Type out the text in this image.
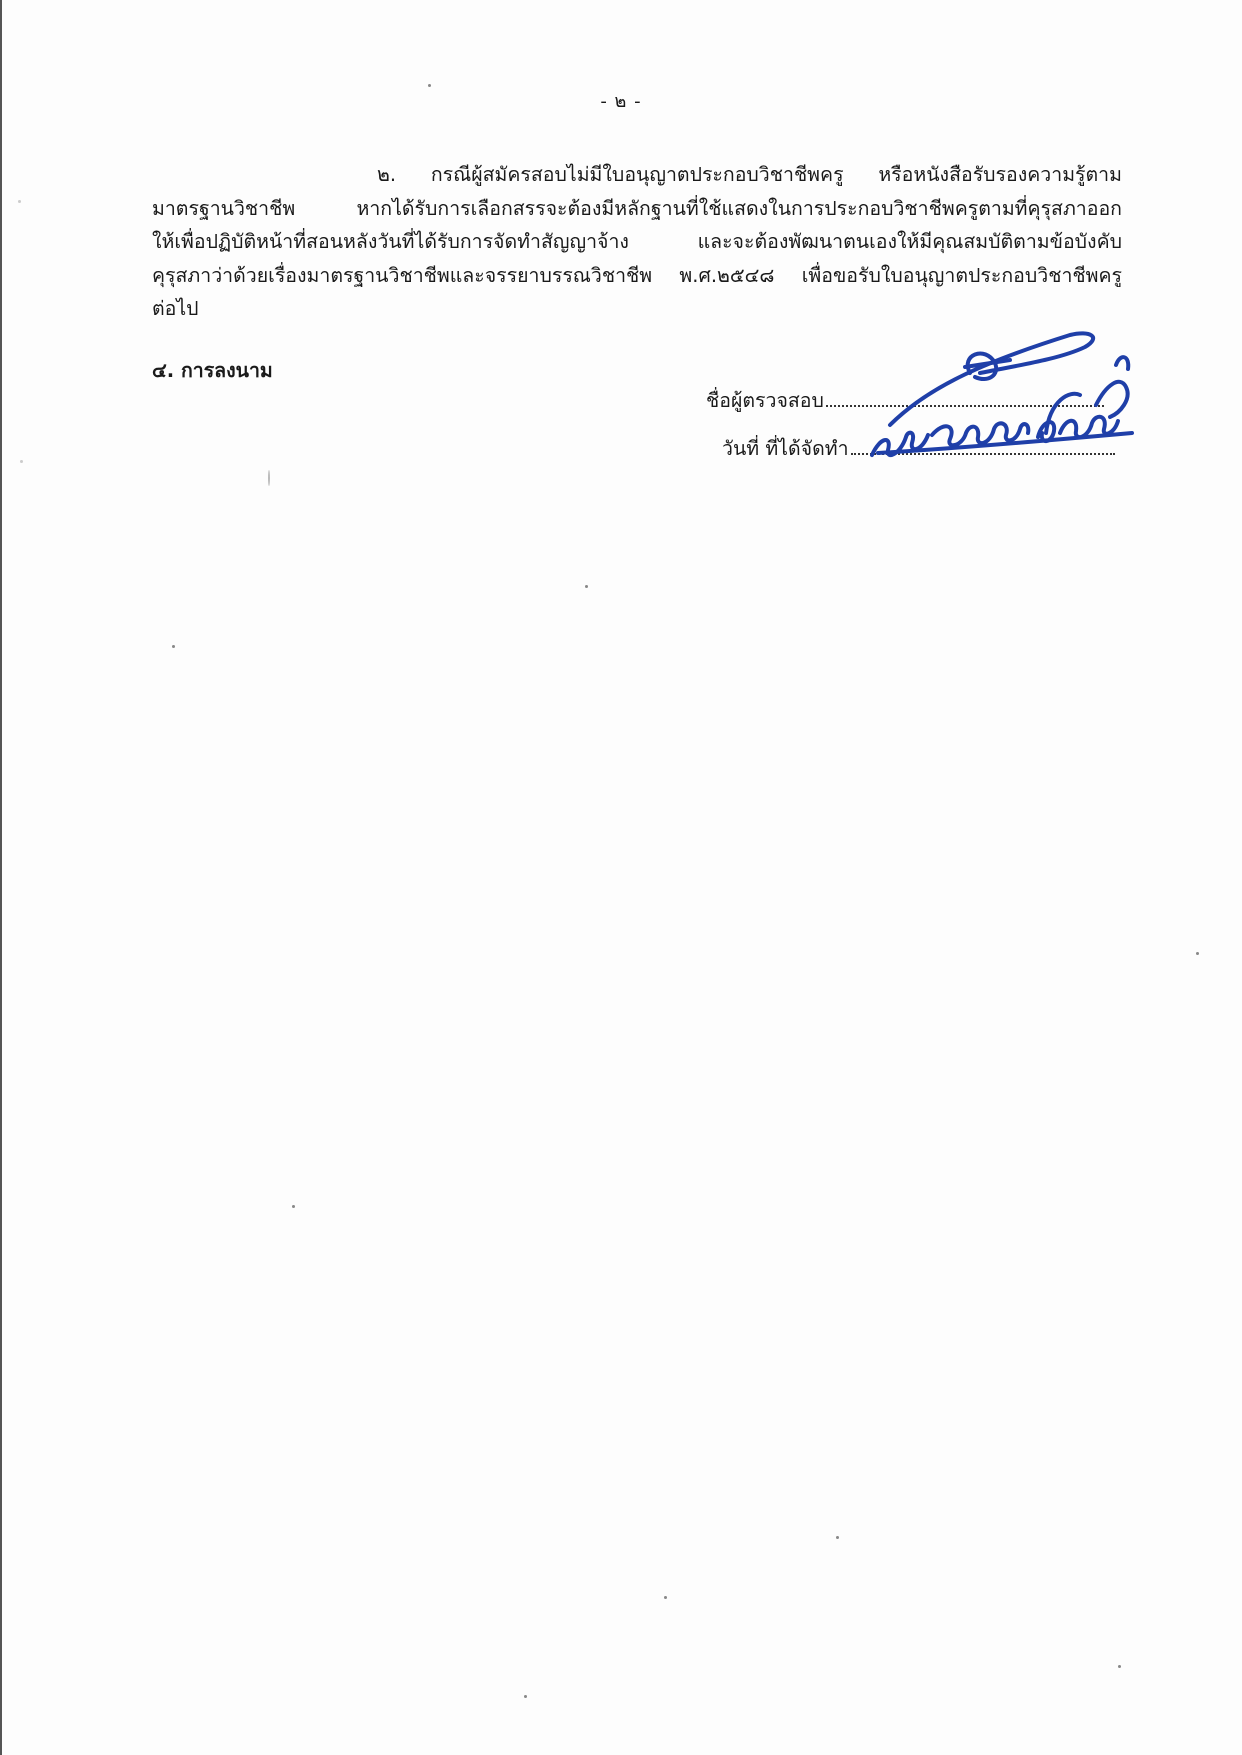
- ๒ -
๒. กรณีผู้สมัครสอบไม่มีใบอนุญาตประกอบวิชาชีพครู หรือหนังสือรับรองความรู้ตาม
มาตรฐานวิชาชีพ หากได้รับการเลือกสรรจะต้องมีหลักฐานที่ใช้แสดงในการประกอบวิชาชีพครูตามที่คุรุสภาออก
ให้เพื่อปฏิบัติหน้าที่สอนหลังวันที่ได้รับการจัดทำสัญญาจ้าง และจะต้องพัฒนาตนเองให้มีคุณสมบัติตามข้อบังคับ
คุรุสภาว่าด้วยเรื่องมาตรฐานวิชาชีพและจรรยาบรรณวิชาชีพ พ.ศ.๒๕๔๘ เพื่อขอรับใบอนุญาตประกอบวิชาชีพครู
ต่อไป
๔. การลงนาม
ชื่อผู้ตรวจสอบ
วันที่ ที่ได้จัดทำ
